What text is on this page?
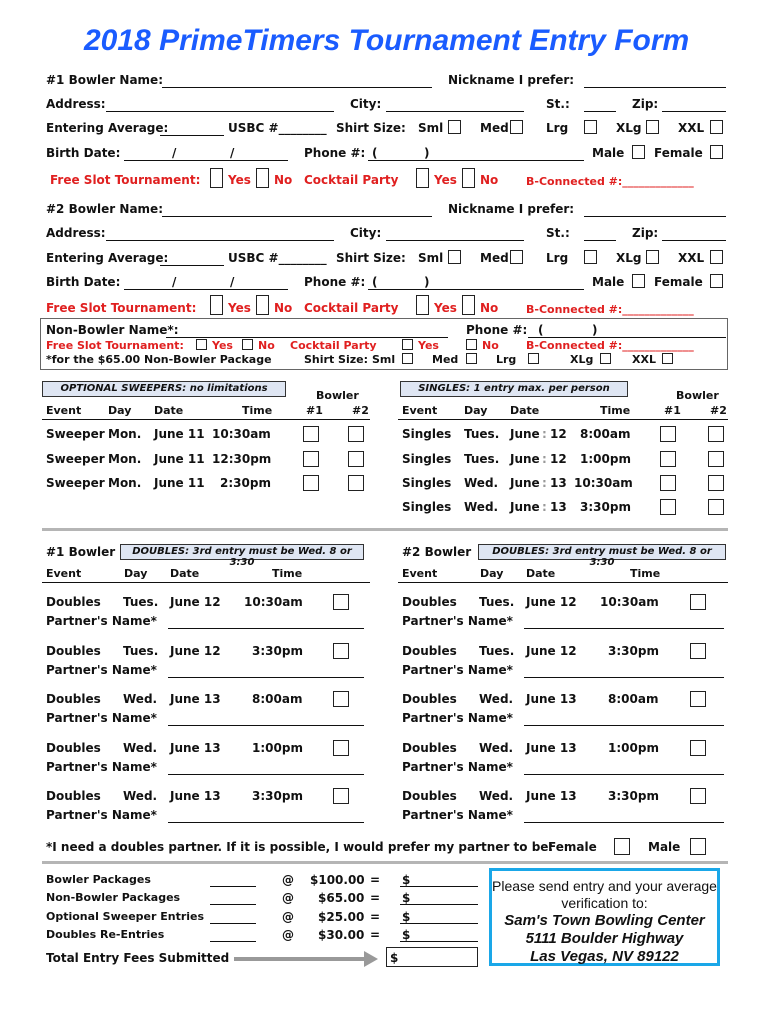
2018 PrimeTimers Tournament Entry Form
#1 Bowler Name:	Nickname I prefer:
Address:	City:	St.:	Zip:
Entering Average:	USBC #________ Shirt Size: Sml	Med	Lrg	XLg	XXL
Birth Date:	/	/	Phone #: (	)	Male Female
Free Slot Tournament: Yes No Cocktail Party	Yes No	B-Connected #:_____________
#2 Bowler Name:	Nickname I prefer:
Address:	City:	St.:	Zip:
Entering Average:	USBC #________ Shirt Size: Sml	Med	Lrg	XLg	XXL
Birth Date:	/	/	Phone #: (	)	Male Female
Free Slot Tournament:	Yes No Cocktail Party	Yes No	B-Connected #:_____________
Non-Bowler Name*:	Phone #: (	)
Free Slot Tournament:	Yes No Cocktail Party	Yes	No B-Connected #:_____________
*for the $65.00 Non-Bowler Package	Shirt Size: Sml	Med	Lrg	XLg	XXL
OPTIONAL SWEEPERS: no limitations
Bowler
Event Day Date	Time	#1	#2
Sweeper Mon. June 11 10:30am
Sweeper Mon. June 11 12:30pm
Sweeper Mon. June 11 2:30pm
SINGLES: 1 entry max. per person
Bowler
Event Day Date	Time	#1	#2
Singles Tues. June : 12 8:00am
Singles Tues. June : 12 1:00pm
Singles Wed. June : 13 10:30am
Singles Wed. June : 13 3:30pm
#1 Bowler	DOUBLES: 3rd entry must be Wed. 8 or 3:30
Event	Day Date	Time
Doubles Tues. June 12 10:30am
Partner's Name*
Doubles Tues. June 12	3:30pm
Partner's Name*
Doubles Wed. June 13	8:00am
Partner's Name*
Doubles Wed. June 13	1:00pm
Partner's Name*
Doubles Wed. June 13	3:30pm
Partner's Name*
#2 Bowler	DOUBLES: 3rd entry must be Wed. 8 or 3:30
Event	Day Date	Time
Doubles Tues. June 12 10:30am
Partner's Name*
Doubles Tues. June 12	3:30pm
Partner's Name*
Doubles Wed. June 13	8:00am
Partner's Name*
Doubles Wed. June 13	1:00pm
Partner's Name*
Doubles Wed. June 13	3:30pm
Partner's Name*
*I need a doubles partner. If it is possible, I would prefer my partner to be:
Female	Male
Bowler Packages	@ $100.00 = $
Non-Bowler Packages	@ $65.00 = $
Optional Sweeper Entries	@ $25.00 = $
Doubles Re-Entries	@ $30.00 = $
Total Entry Fees Submitted	$
Please send entry and your average
verification to:
Sam's Town Bowling Center
5111 Boulder Highway
Las Vegas, NV 89122
